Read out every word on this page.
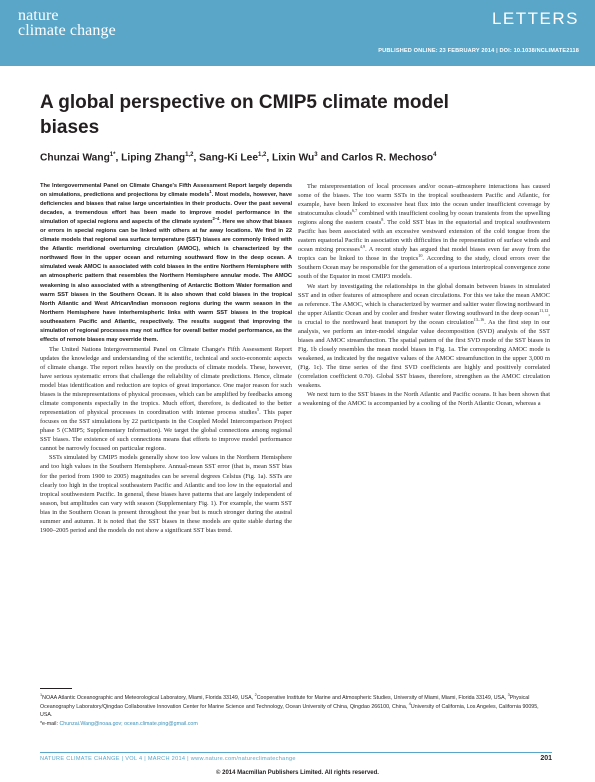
nature
climate change
LETTERS
PUBLISHED ONLINE: 23 FEBRUARY 2014 | DOI: 10.1038/NCLIMATE2118
A global perspective on CMIP5 climate model biases
Chunzai Wang$^{1*}$, Liping Zhang$^{1,2}$, Sang-Ki Lee$^{1,2}$, Lixin Wu$^3$ and Carlos R. Mechoso$^4$

The Intergovernmental Panel on Climate Change's Fifth Assessment Report largely depends on simulations, predictions and projections by climate models$^1$. Most models, however, have deficiencies and biases that raise large uncertainties in their products. Over the past several decades, a tremendous effort has been made to improve model performance in the simulation of special regions and aspects of the climate system$^{2-4}$. Here we show that biases or errors in special regions can be linked with others at far away locations. We find in 22 climate models that regional sea surface temperature (SST) biases are commonly linked with the Atlantic meridional overturning circulation (AMOC), which is characterized by the northward flow in the upper ocean and returning southward flow in the deep ocean. A simulated weak AMOC is associated with cold biases in the entire Northern Hemisphere with an atmospheric pattern that resembles the Northern Hemisphere annular mode. The AMOC weakening is also associated with a strengthening of Antarctic Bottom Water formation and warm SST biases in the Southern Ocean. It is also shown that cold biases in the tropical North Atlantic and West African/Indian monsoon regions during the warm season in the Northern Hemisphere have interhemispheric links with warm SST biases in the tropical southeastern Pacific and Atlantic, respectively. The results suggest that improving the simulation of regional processes may not suffice for overall better model performance, as the effects of remote biases may override them.

The United Nations Intergovernmental Panel on Climate Change's Fifth Assessment Report updates the knowledge and understanding of the scientific, technical and socio-economic aspects of climate change. The report relies heavily on the products of climate models. These, however, have serious systematic errors that challenge the reliability of climate predictions. Hence, climate model bias identification and reduction are topics of great importance. One major reason for such biases is the misrepresentations of physical processes, which can be amplified by feedbacks among climate components especially in the tropics. Much effort, therefore, is dedicated to the better representation of physical processes in coordination with intense process studies$^5$. This paper focuses on the SST simulations by 22 participants in the Coupled Model Intercomparison Project phase 5 (CMIP5; Supplementary Information). We target the global connections among regional SST biases. The existence of such connections means that efforts to improve model performance cannot be narrowly focused on particular regions.

SSTs simulated by CMIP5 models generally show too low values in the Northern Hemisphere and too high values in the Southern Hemisphere. Annual-mean SST error (that is, mean SST bias for the period from 1900 to 2005) magnitudes can be several degrees Celsius (Fig. 1a). SSTs are clearly too high in the tropical southeastern Pacific and Atlantic and too low in the equatorial and tropical southwestern Pacific. In general, these biases have patterns that are largely independent of season, but amplitudes can vary with season (Supplementary Fig. 1). For example, the warm SST bias in the Southern Ocean is present throughout the year but is much stronger during the austral summer and autumn. It is noted that the SST biases in these models are quite stable during the 1900–2005 period and the models do not show a significant SST bias trend.

The misrepresentation of local processes and/or ocean–atmosphere interactions has caused some of the biases. The too warm SSTs in the tropical southeastern Pacific and Atlantic, for example, have been linked to excessive heat flux into the ocean under insufficient coverage by stratocumulus clouds$^{6,7}$ combined with insufficient cooling by ocean transients from the upwelling regions along the eastern coasts$^8$. The cold SST bias in the equatorial and tropical southwestern Pacific has been associated with an excessive westward extension of the cold tongue from the eastern equatorial Pacific in association with difficulties in the representation of surface winds and ocean mixing processes$^{4,9}$. A recent study has argued that model biases even far away from the tropics can be linked to those in the tropics$^{10}$. According to the study, cloud errors over the Southern Ocean may be responsible for the generation of a spurious intertropical convergence zone south of the Equator in most CMIP3 models.

We start by investigating the relationships in the global domain between biases in simulated SST and in other features of atmosphere and ocean circulations. For this we take the mean AMOC as reference. The AMOC, which is characterized by warmer and saltier water flowing northward in the upper Atlantic Ocean and by cooler and fresher water flowing southward in the deep ocean$^{11,12}$, is crucial to the northward heat transport by the ocean circulation$^{13-16}$. As the first step in our analysis, we perform an inter-model singular value decomposition (SVD) analysis of the SST biases and AMOC streamfunction. The spatial pattern of the first SVD mode of the SST biases in Fig. 1b closely resembles the mean model biases in Fig. 1a. The corresponding AMOC mode is weakened, as indicated by the negative values of the AMOC streamfunction in the upper 3,000 m (Fig. 1c). The time series of the first SVD coefficients are highly and positively correlated (correlation coefficient 0.70). Global SST biases, therefore, strengthen as the AMOC circulation weakens.

We next turn to the SST biases in the North Atlantic and Pacific oceans. It has been shown that a weakening of the AMOC is accompanied by a cooling of the North Atlantic Ocean, whereas a

$^1$NOAA Atlantic Oceanographic and Meteorological Laboratory, Miami, Florida 33149, USA, $^2$Cooperative Institute for Marine and Atmospheric Studies, University of Miami, Miami, Florida 33149, USA, $^3$Physical Oceanography Laboratory/Qingdao Collaborative Innovation Center for Marine Science and Technology, Ocean University of China, Qingdao 266100, China, $^4$University of California, Los Angeles, California 90095, USA.
*e-mail: Chunzai.Wang@noaa.gov; ocean.climate.ping@gmail.com
NATURE CLIMATE CHANGE | VOL 4 | MARCH 2014 | www.nature.com/natureclimatechange	201
© 2014 Macmillan Publishers Limited. All rights reserved.
